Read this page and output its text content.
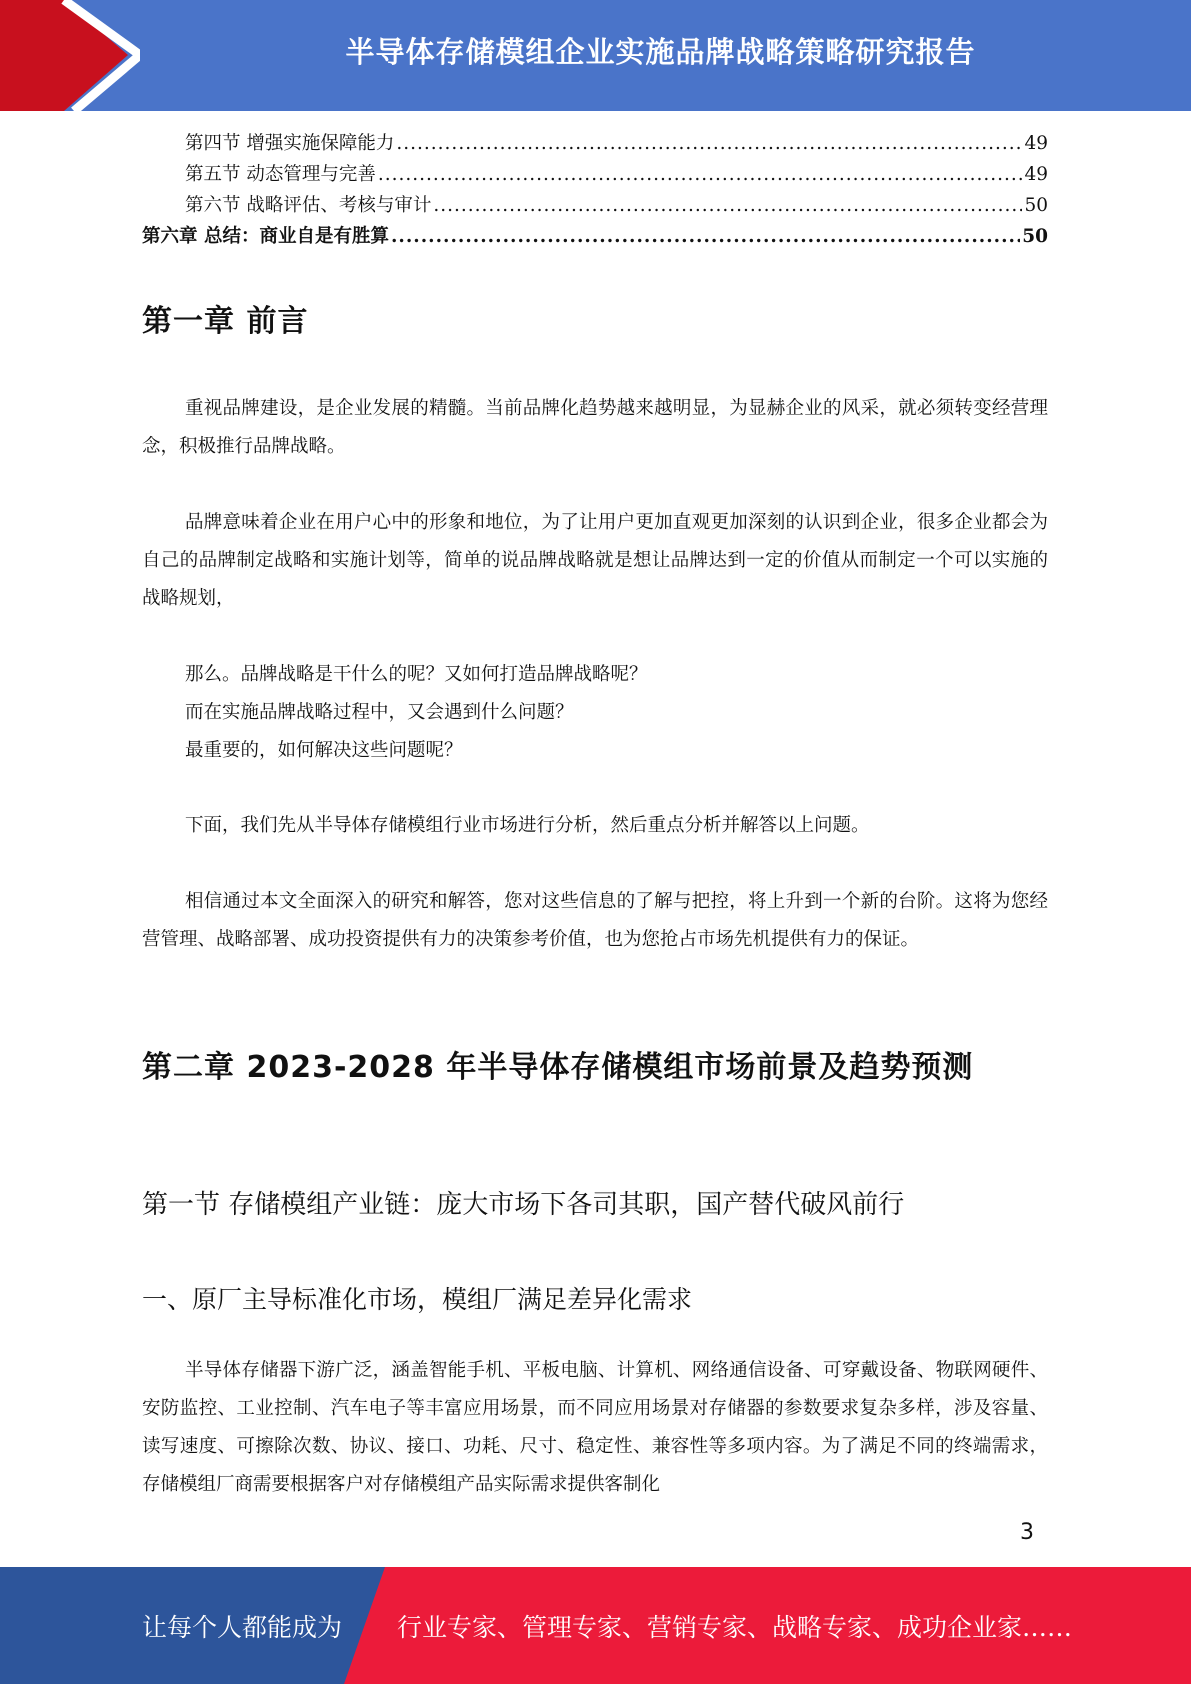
半导体存储模组企业实施品牌战略策略研究报告
第四节 增强实施保障能力 .....	49
第五节 动态管理与完善 .....	49
第六节 战略评估、考核与审计 .....	50
第六章 总结：商业自是有胜算 .....	50
第一章 前言

重视品牌建设，是企业发展的精髓。当前品牌化趋势越来越明显，为显赫企业的风采，就必须转变经营理念，积极推行品牌战略。

品牌意味着企业在用户心中的形象和地位，为了让用户更加直观更加深刻的认识到企业，很多企业都会为自己的品牌制定战略和实施计划等，简单的说品牌战略就是想让品牌达到一定的价值从而制定一个可以实施的战略规划，

那么。品牌战略是干什么的呢？又如何打造品牌战略呢？

而在实施品牌战略过程中，又会遇到什么问题？

最重要的，如何解决这些问题呢？

下面，我们先从半导体存储模组行业市场进行分析，然后重点分析并解答以上问题。

相信通过本文全面深入的研究和解答，您对这些信息的了解与把控，将上升到一个新的台阶。这将为您经营管理、战略部署、成功投资提供有力的决策参考价值，也为您抢占市场先机提供有力的保证。

第二章 2023-2028 年半导体存储模组市场前景及趋势预测
第一节 存储模组产业链：庞大市场下各司其职，国产替代破风前行
一、原厂主导标准化市场，模组厂满足差异化需求

半导体存储器下游广泛，涵盖智能手机、平板电脑、计算机、网络通信设备、可穿戴设备、物联网硬件、安防监控、工业控制、汽车电子等丰富应用场景，而不同应用场景对存储器的参数要求复杂多样，涉及容量、读写速度、可擦除次数、协议、接口、功耗、尺寸、稳定性、兼容性等多项内容。为了满足不同的终端需求，存储模组厂商需要根据客户对存储模组产品实际需求提供客制化

3
让每个人都能成为 行业专家、管理专家、营销专家、战略专家、成功企业家……
